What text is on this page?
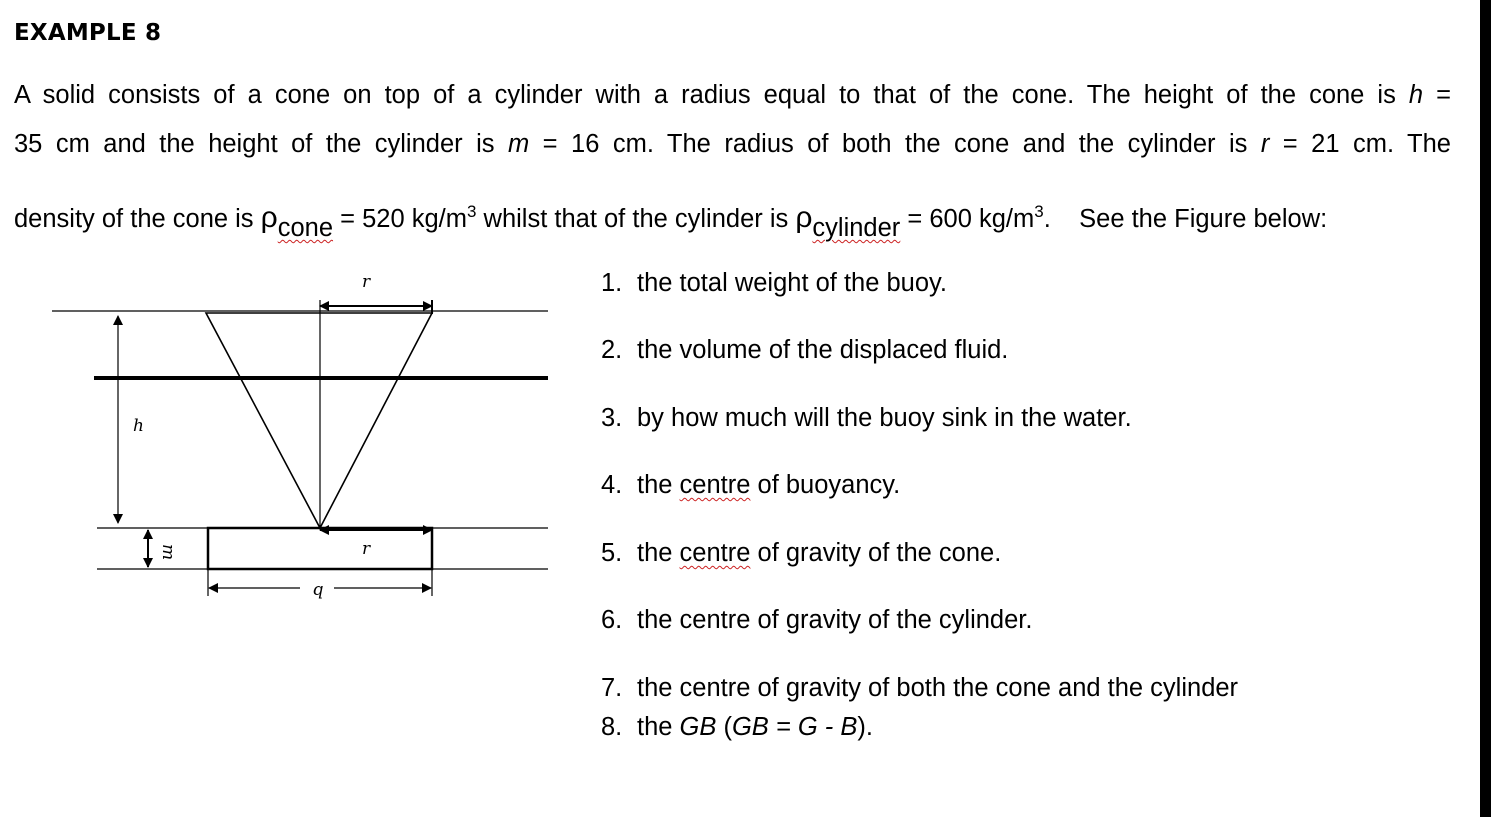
EXAMPLE 8
A solid consists of a cone on top of a cylinder with a radius equal to that of the cone. The height of the cone is h =
35 cm and the height of the cylinder is m = 16 cm. The radius of both the cone and the cylinder is r = 21 cm. The
density of the cone is ρcone = 520 $kg/m^3$ whilst that of the cylinder is ρcylinder = 600 $kg/m^3$.    See the Figure below:
r
h
m	r
b
1. the total weight of the buoy.
2. the volume of the displaced fluid.
3. by how much will the buoy sink in the water.
4. the centre of buoyancy.
5. the centre of gravity of the cone.
6. the centre of gravity of the cylinder.
7. the centre of gravity of both the cone and the cylinder
8. the GB (GB = G - B).
